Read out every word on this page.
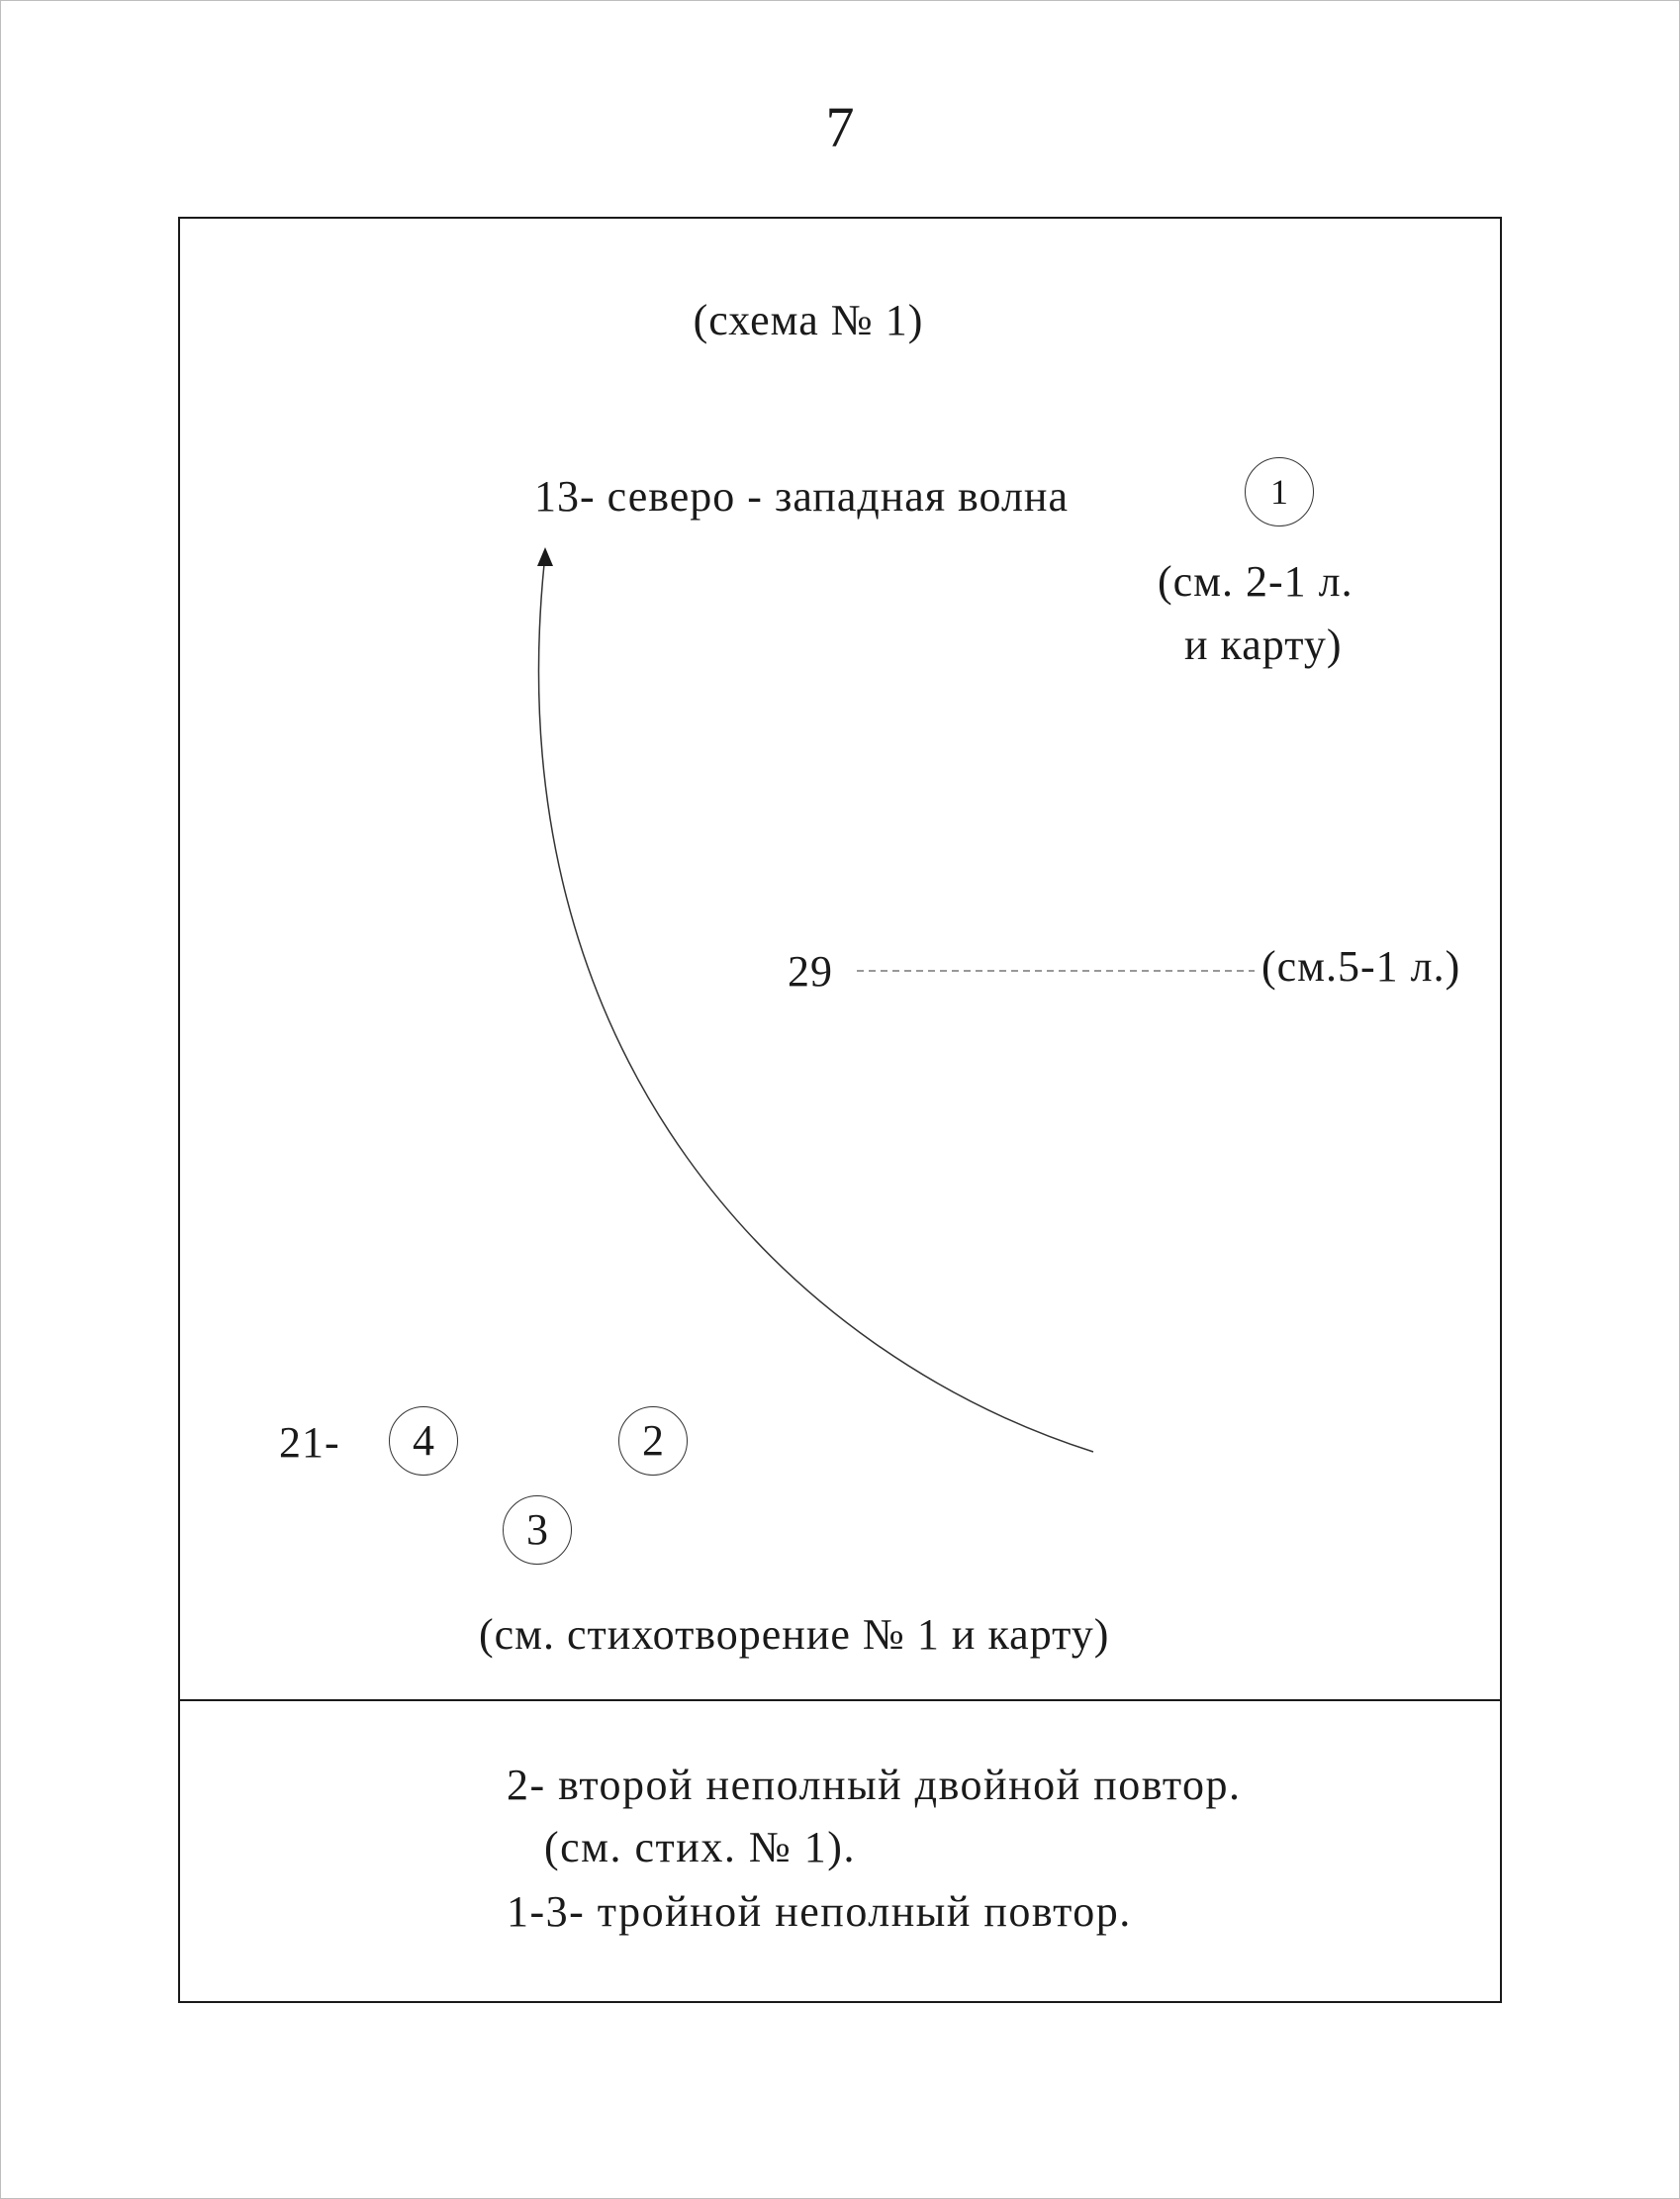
7
(схема № 1)
13- северо - западная волна	1
(см. 2-1 л.
и карту)
29	(см.5-1 л.)
21-	4	2
3
(см. стихотворение № 1 и карту)
2- второй неполный двойной повтор.
(см. стих. № 1).
1-3- тройной неполный повтор.
